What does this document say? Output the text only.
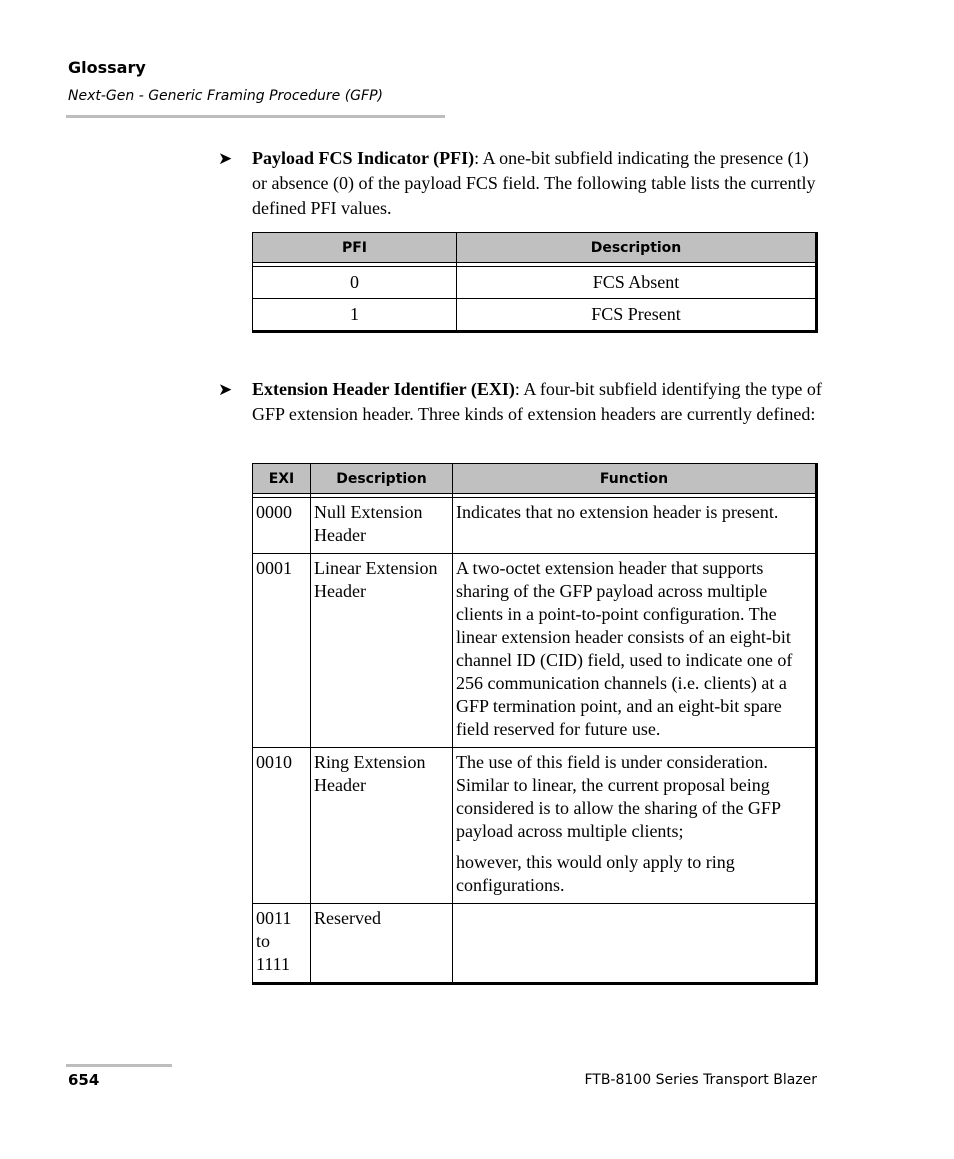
Glossary
Next-Gen - Generic Framing Procedure (GFP)
➤ Payload FCS Indicator (PFI): A one-bit subfield indicating the presence (1) or absence (0) of the payload FCS field. The following table lists the currently defined PFI values.
PFI	Description

0	FCS Absent
1	FCS Present
➤ Extension Header Identifier (EXI): A four-bit subfield identifying the type of GFP extension header. Three kinds of extension headers are currently defined:
EXI	Description	Function

0000	Null Extension Header	Indicates that no extension header is present.

0001	Linear Extension Header	A two-octet extension header that supports sharing of the GFP payload across multiple clients in a point-to-point configuration. The linear extension header consists of an eight-bit channel ID (CID) field, used to indicate one of 256 communication channels (i.e. clients) at a GFP termination point, and an eight-bit spare field reserved for future use.

0010	Ring Extension Header	The use of this field is under consideration. Similar to linear, the current proposal being considered is to allow the sharing of the GFP payload across multiple clients;

however, this would only apply to ring configurations.

0011 to 1111	Reserved	

654	FTB-8100 Series Transport Blazer
